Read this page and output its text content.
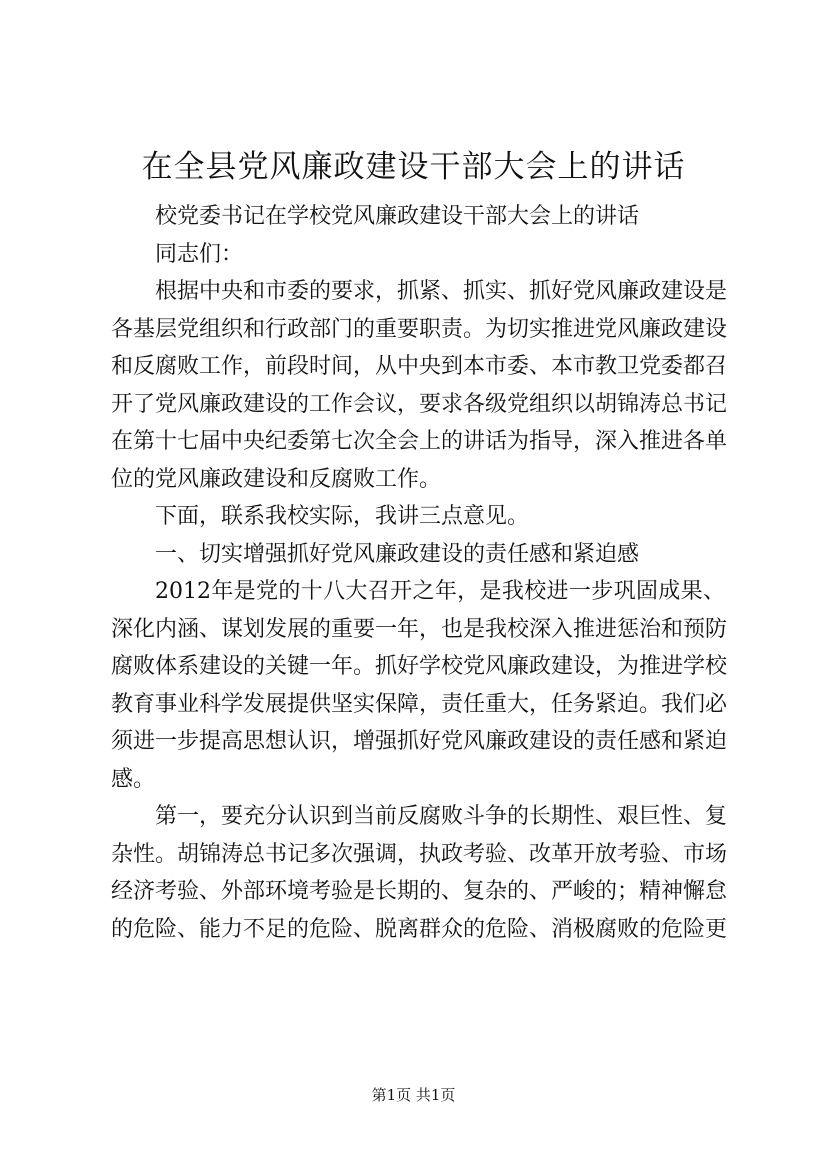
在全县党风廉政建设干部大会上的讲话
校党委书记在学校党风廉政建设干部大会上的讲话
同志们：
根据中央和市委的要求，抓紧、抓实、抓好党风廉政建设是
各基层党组织和行政部门的重要职责。为切实推进党风廉政建设
和反腐败工作，前段时间，从中央到本市委、本市教卫党委都召
开了党风廉政建设的工作会议，要求各级党组织以胡锦涛总书记
在第十七届中央纪委第七次全会上的讲话为指导，深入推进各单
位的党风廉政建设和反腐败工作。
下面，联系我校实际，我讲三点意见。
一、切实增强抓好党风廉政建设的责任感和紧迫感
2012年是党的十八大召开之年，是我校进一步巩固成果、
深化内涵、谋划发展的重要一年，也是我校深入推进惩治和预防
腐败体系建设的关键一年。抓好学校党风廉政建设，为推进学校
教育事业科学发展提供坚实保障，责任重大，任务紧迫。我们必
须进一步提高思想认识，增强抓好党风廉政建设的责任感和紧迫
感。
第一，要充分认识到当前反腐败斗争的长期性、艰巨性、复
杂性。胡锦涛总书记多次强调，执政考验、改革开放考验、市场
经济考验、外部环境考验是长期的、复杂的、严峻的；精神懈怠
的危险、能力不足的危险、脱离群众的危险、消极腐败的危险更
第1页 共1页
